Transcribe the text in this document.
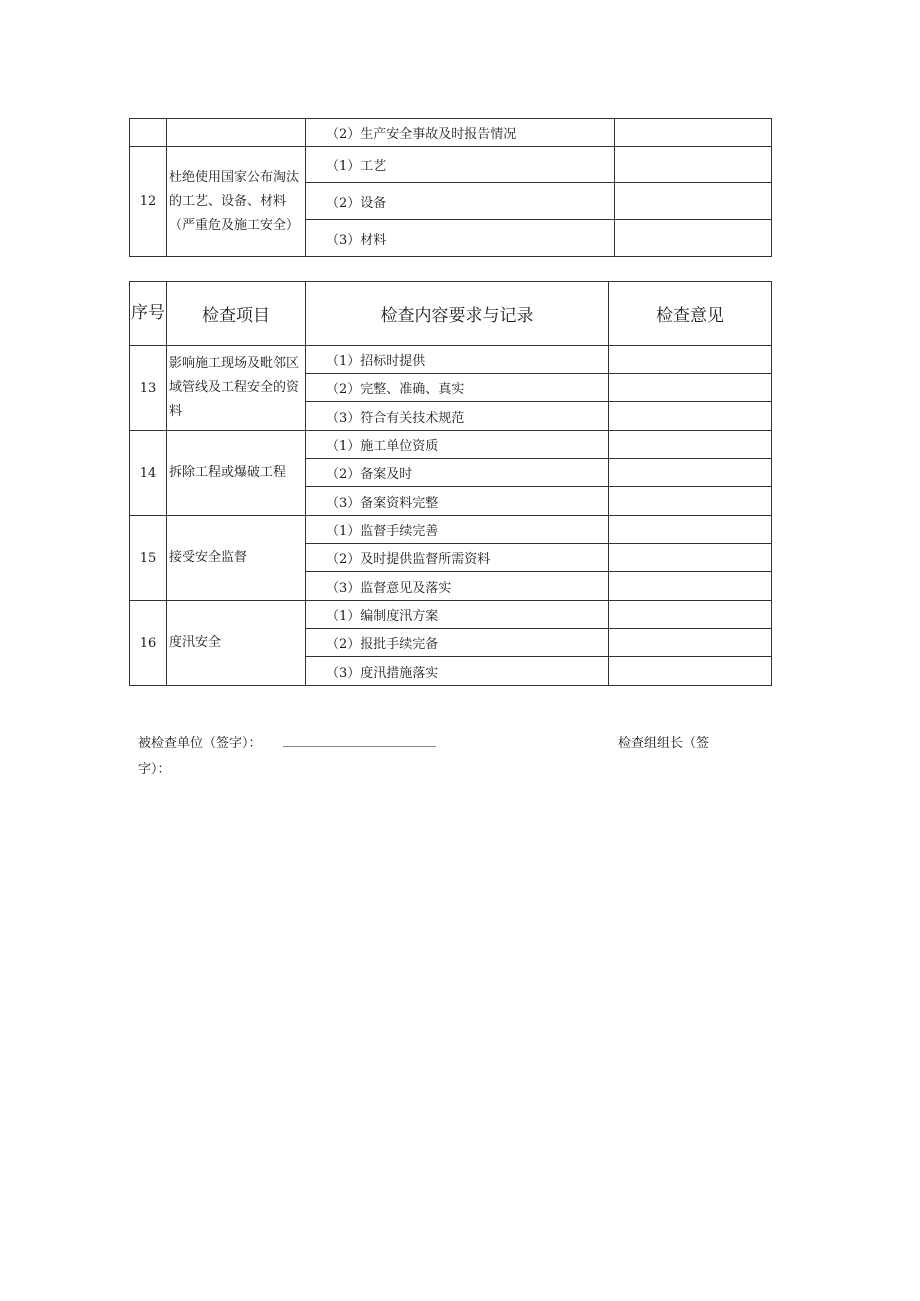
		（2）生产安全事故及时报告情况	
12	杜绝使用国家公布淘汰的工艺、设备、材料（严重危及施工安全）	（1）工艺	
		（2）设备	
		（3）材料	
序号	检查项目	检查内容要求与记录	检查意见
13	影响施工现场及毗邻区域管线及工程安全的资料	（1）招标时提供	
		（2）完整、准确、真实	
		（3）符合有关技术规范	
14	拆除工程或爆破工程	（1）施工单位资质	
		（2）备案及时	
		（3）备案资料完整	
15	接受安全监督	（1）监督手续完善	
		（2）及时提供监督所需资料	
		（3）监督意见及落实	
16	度汛安全	（1）编制度汛方案	
		（2）报批手续完备	
		（3）度汛措施落实	
被检查单位（签字）：	检查组组长（签
字）：
